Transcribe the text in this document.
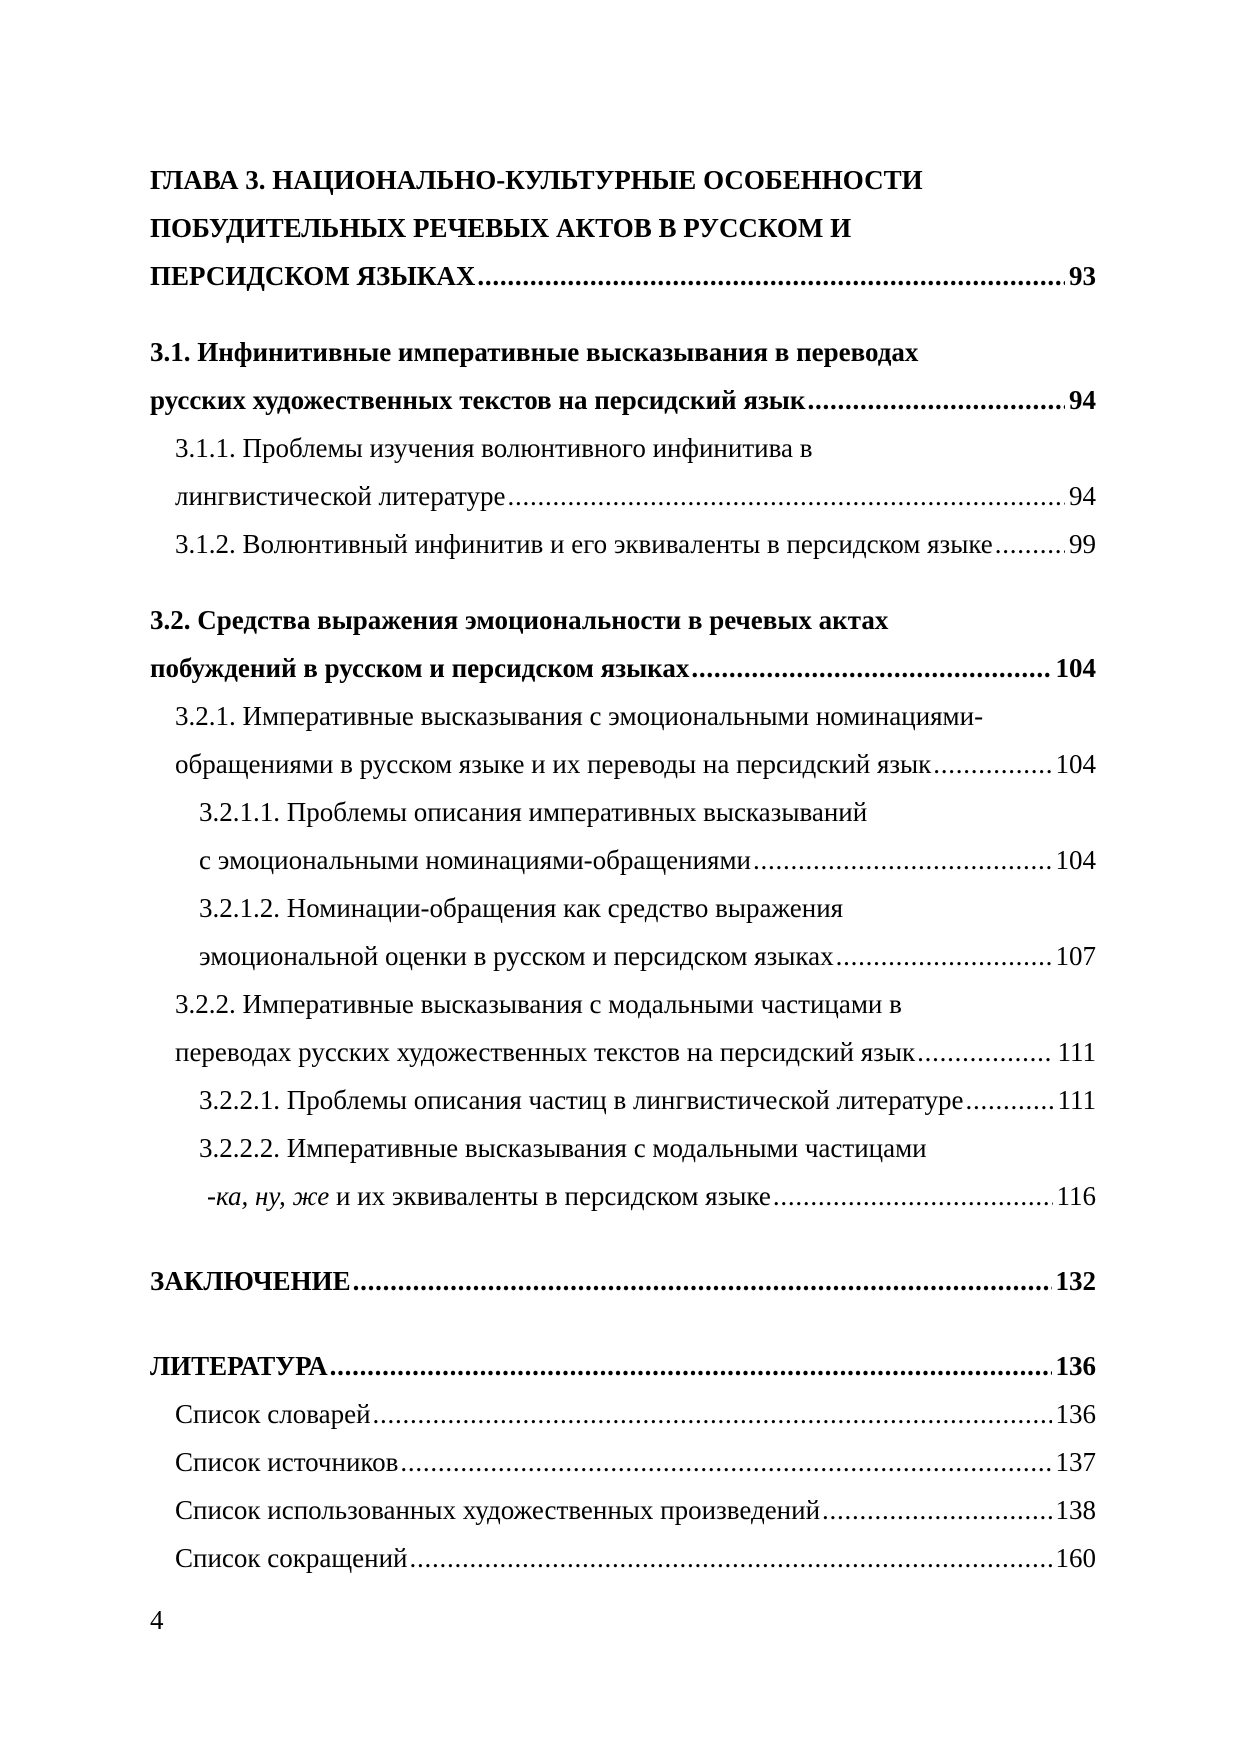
ГЛАВА 3. НАЦИОНАЛЬНО-КУЛЬТУРНЫЕ ОСОБЕННОСТИ
ПОБУДИТЕЛЬНЫХ РЕЧЕВЫХ АКТОВ В РУССКОМ И
ПЕРСИДСКОМ ЯЗЫКАХ . . .	93
3.1. Инфинитивные императивные высказывания в переводах
русских художественных текстов на персидский язык . . .	94
3.1.1. Проблемы изучения волюнтивного инфинитива в
лингвистической литературе . . .	94
3.1.2. Волюнтивный инфинитив и его эквиваленты в персидском языке . . .	99
3.2. Средства выражения эмоциональности в речевых актах
побуждений в русском и персидском языках . . .	104
3.2.1. Императивные высказывания с эмоциональными номинациями-
обращениями в русском языке и их переводы на персидский язык . . .	104
3.2.1.1. Проблемы описания императивных высказываний
с эмоциональными номинациями-обращениями . . .	104
3.2.1.2. Номинации-обращения как средство выражения
эмоциональной оценки в русском и персидском языках . . .	107
3.2.2. Императивные высказывания с модальными частицами в
переводах русских художественных текстов на персидский язык . . .	111
3.2.2.1. Проблемы описания частиц в лингвистической литературе . . .	111
3.2.2.2. Императивные высказывания с модальными частицами
-ка, ну, же и их эквиваленты в персидском языке . . .	116
ЗАКЛЮЧЕНИЕ . . .	132
ЛИТЕРАТУРА . . .	136
Список словарей . . .	136
Список источников . . .	137
Список использованных художественных произведений . . .	138
Список сокращений . . .	160
4
